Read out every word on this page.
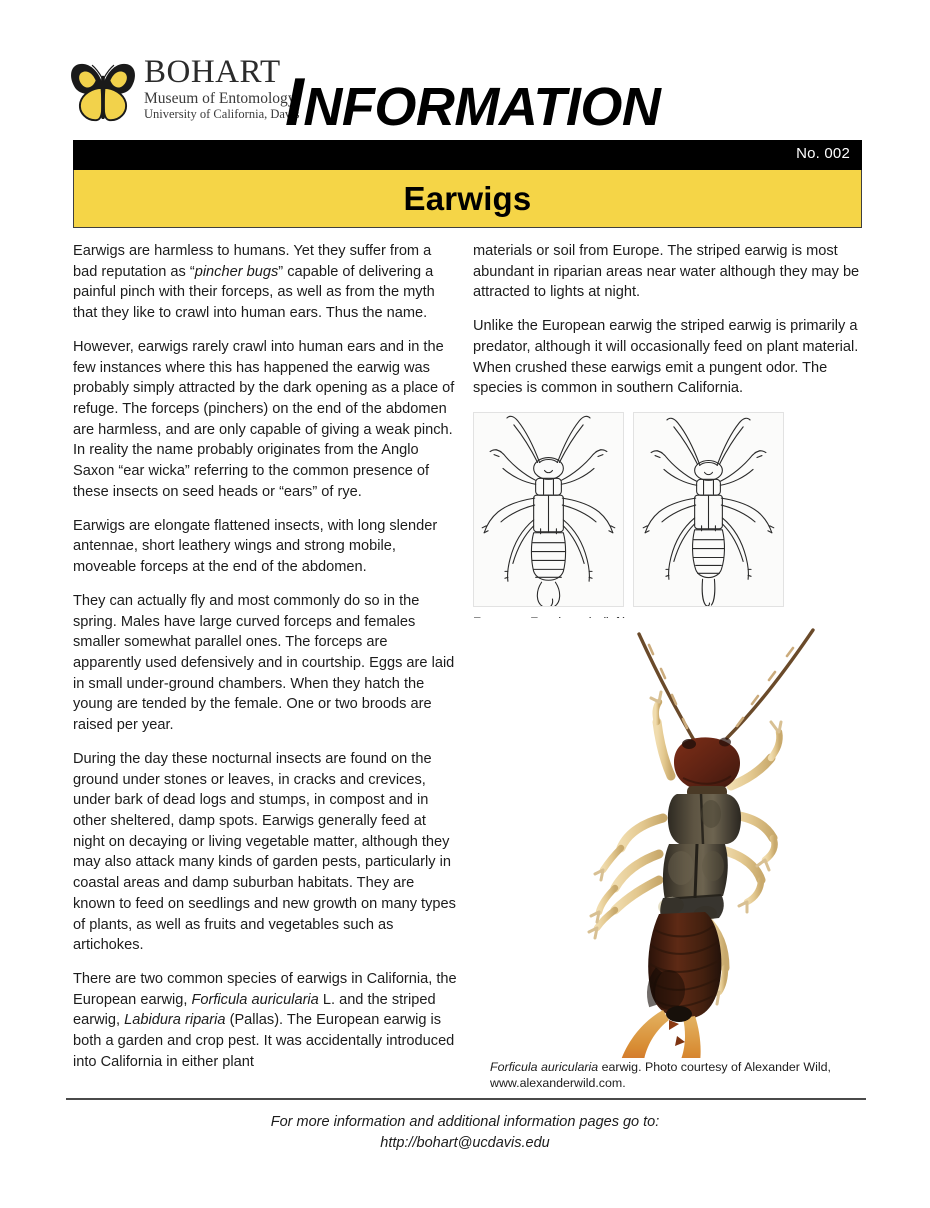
BOHART
Museum of Entomology
University of California, Davis
INFORMATION
No. 002
Earwigs

Earwigs are harmless to humans. Yet they suffer from a bad reputation as “pincher bugs” capable of delivering a painful pinch with their forceps, as well as from the myth that they like to crawl into human ears. Thus the name.

However, earwigs rarely crawl into human ears and in the few instances where this has happened the earwig was probably simply attracted by the dark opening as a place of refuge. The forceps (pinchers) on the end of the abdomen are harmless, and are only capable of giving a weak pinch. In reality the name probably originates from the Anglo Saxon “ear wicka” referring to the common presence of these insects on seed heads or “ears” of rye.

Earwigs are elongate flattened insects, with long slender antennae, short leathery wings and strong mobile, moveable forceps at the end of the abdomen.

They can actually fly and most commonly do so in the spring. Males have large curved forceps and females smaller somewhat parallel ones. The forceps are apparently used defensively and in courtship. Eggs are laid in small under-ground chambers. When they hatch the young are tended by the female. One or two broods are raised per year.

During the day these nocturnal insects are found on the ground under stones or leaves, in cracks and crevices, under bark of dead logs and stumps, in compost and in other sheltered, damp spots. Earwigs generally feed at night on decaying or living vegetable matter, although they may also attack many kinds of garden pests, particularly in coastal areas and damp suburban habitats. They are known to feed on seedlings and new growth on many types of plants, as well as fruits and vegetables such as artichokes.

There are two common species of earwigs in California, the European earwig, Forficula auricularia L. and the striped earwig, Labidura riparia (Pallas). The European earwig is both a garden and crop pest. It was accidentally introduced into California in either plant

materials or soil from Europe. The striped earwig is most abundant in riparian areas near water although they may be attracted to lights at night.

Unlike the European earwig the striped earwig is primarily a predator, although it will occasionally feed on plant material. When crushed these earwigs emit a pungent odor. The species is common in southern California.

Forficula auricularia earwig. Photo courtesy of Alexander Wild, www.alexanderwild.com.
For more information and additional information pages go to:
http://bohart@ucdavis.edu
